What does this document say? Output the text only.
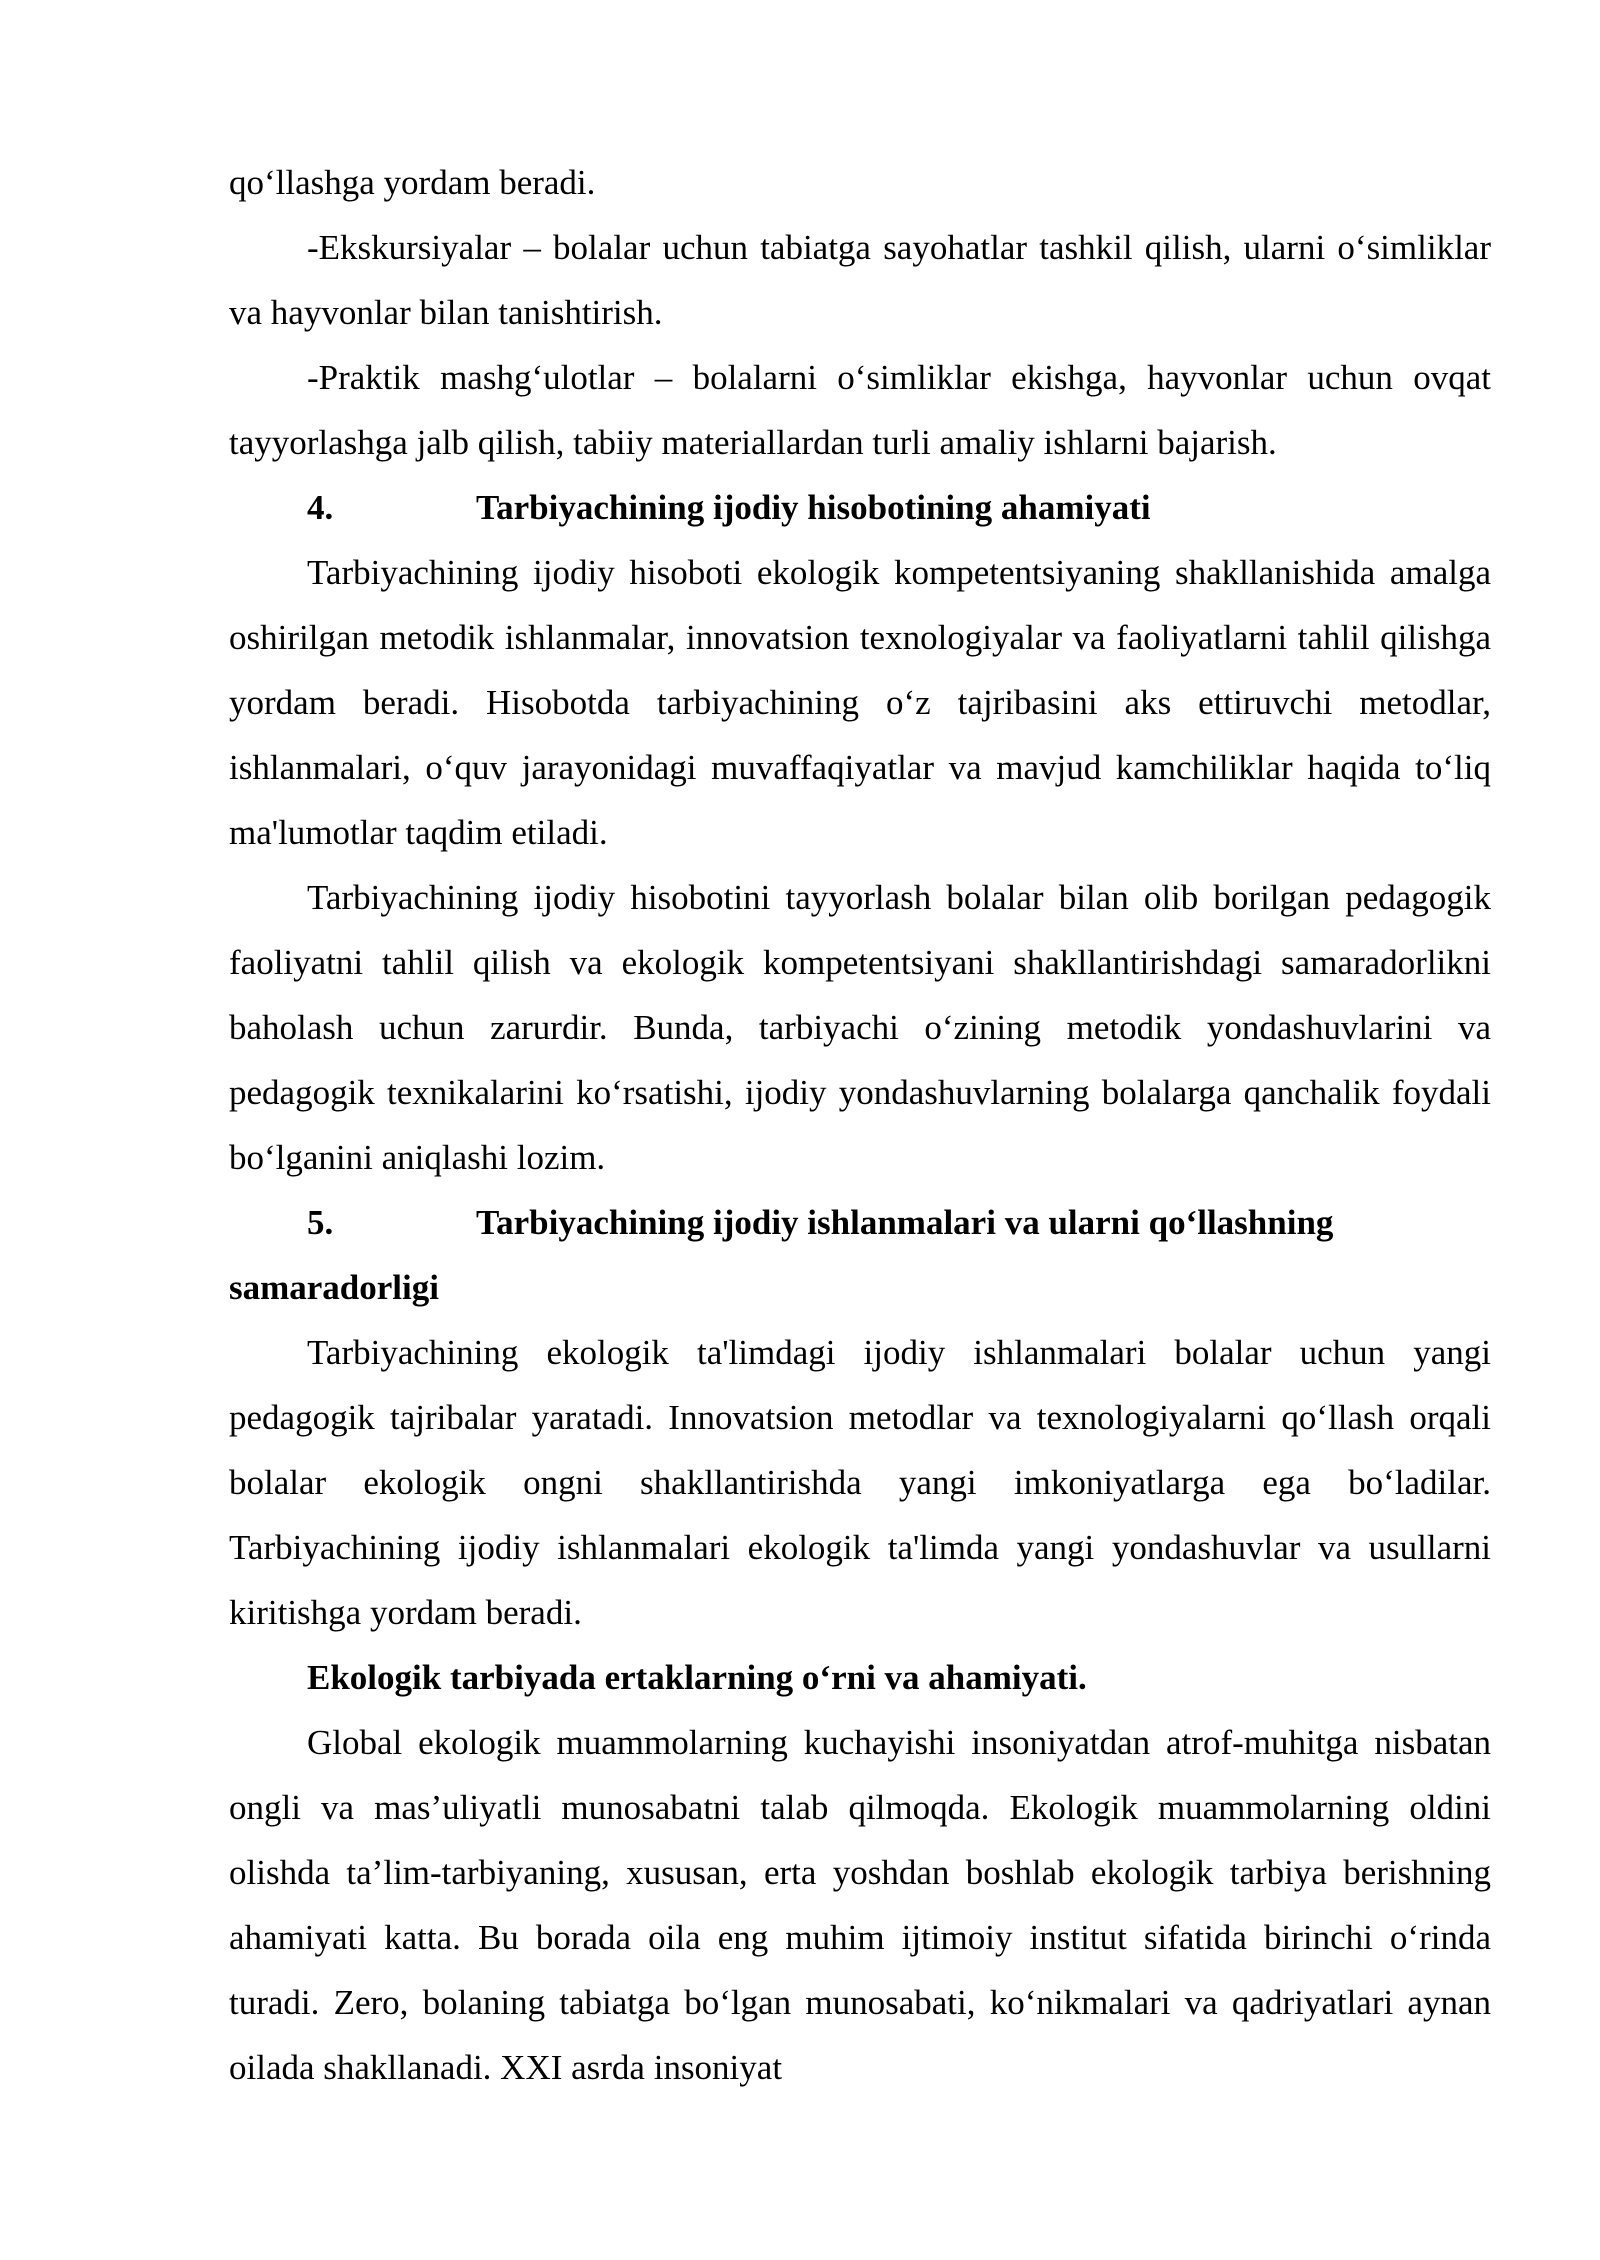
qo‘llashga yordam beradi.

-Ekskursiyalar – bolalar uchun tabiatga sayohatlar tashkil qilish, ularni o‘simliklar va hayvonlar bilan tanishtirish.

-Praktik mashg‘ulotlar – bolalarni o‘simliklar ekishga, hayvonlar uchun ovqat tayyorlashga jalb qilish, tabiiy materiallardan turli amaliy ishlarni bajarish.

4.	Tarbiyachining ijodiy hisobotining ahamiyati

Tarbiyachining ijodiy hisoboti ekologik kompetentsiyaning shakllanishida amalga oshirilgan metodik ishlanmalar, innovatsion texnologiyalar va faoliyatlarni tahlil qilishga yordam beradi. Hisobotda tarbiyachining o‘z tajribasini aks ettiruvchi metodlar, ishlanmalari, o‘quv jarayonidagi muvaffaqiyatlar va mavjud kamchiliklar haqida to‘liq ma'lumotlar taqdim etiladi.

Tarbiyachining ijodiy hisobotini tayyorlash bolalar bilan olib borilgan pedagogik faoliyatni tahlil qilish va ekologik kompetentsiyani shakllantirishdagi samaradorlikni baholash uchun zarurdir. Bunda, tarbiyachi o‘zining metodik yondashuvlarini va pedagogik texnikalarini ko‘rsatishi, ijodiy yondashuvlarning bolalarga qanchalik foydali bo‘lganini aniqlashi lozim.

5.	Tarbiyachining ijodiy ishlanmalari va ularni qo‘llashning samaradorligi

Tarbiyachining ekologik ta'limdagi ijodiy ishlanmalari bolalar uchun yangi pedagogik tajribalar yaratadi. Innovatsion metodlar va texnologiyalarni qo‘llash orqali bolalar ekologik ongni shakllantirishda yangi imkoniyatlarga ega bo‘ladilar. Tarbiyachining ijodiy ishlanmalari ekologik ta'limda yangi yondashuvlar va usullarni kiritishga yordam beradi.

Ekologik tarbiyada ertaklarning o‘rni va ahamiyati.

Global ekologik muammolarning kuchayishi insoniyatdan atrof-muhitga nisbatan ongli va mas’uliyatli munosabatni talab qilmoqda. Ekologik muammolarning oldini olishda ta’lim-tarbiyaning, xususan, erta yoshdan boshlab ekologik tarbiya berishning ahamiyati katta. Bu borada oila eng muhim ijtimoiy institut sifatida birinchi o‘rinda turadi. Zero, bolaning tabiatga bo‘lgan munosabati, ko‘nikmalari va qadriyatlari aynan oilada shakllanadi. XXI asrda insoniyat
